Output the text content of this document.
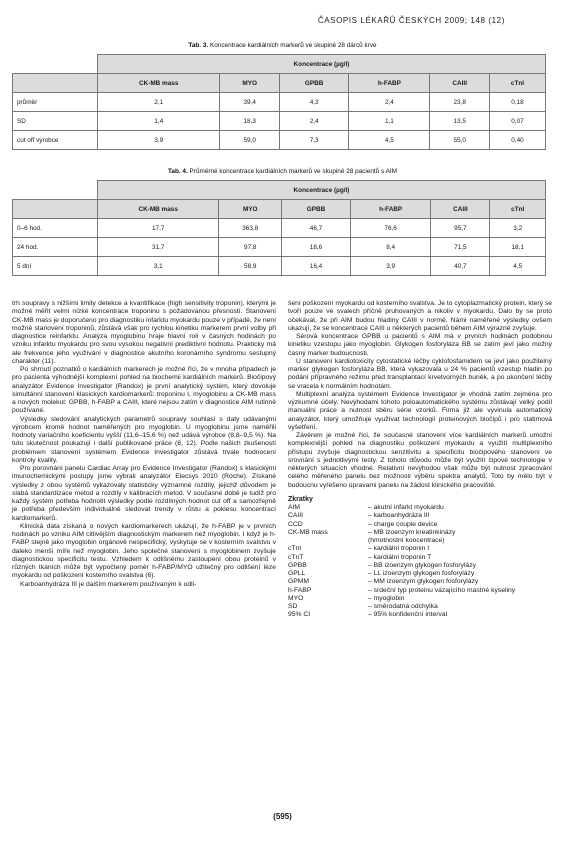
ČASOPIS LÉKAŘŮ ČESKÝCH 2009; 148 (12)
Tab. 3. Koncentrace kardiálních markerů ve skupině 28 dárců krve
	Koncentrace (µg/l)					
	CK-MB mass	MYO	GPBB	h-FABP	CAIII	cTnI
průměr	2,1	39,4	4,3	2,4	23,8	0,18
SD	1,4	18,3	2,4	1,1	13,5	0,07
cut off výrobce	3,9	59,0	7,3	4,5	55,0	0,40
Tab. 4. Průměrné koncentrace kardiálních markerů ve skupině 28 pacientů s AIM
	Koncentrace (µg/l)					
	CK-MB mass	MYO	GPBB	h-FABP	CAIII	cTnI
0–6 hod.	17,7	363,8	46,7	76,6	95,7	3,2
24 hod.	31,7	97,8	18,6	8,4	71,5	18,1
5 dní	3,1	58,9	16,4	3,9	40,7	4,5

trh soupravy s nižšími limity detekce a kvantifikace (high sensitivity troponin), kterými je možné měřit velmi nízké koncentrace troponinu s požadovanou přesností. Stanovení CK-MB mass je doporučeno pro diagnostiku infarktu myokardu pouze v případě, že není možné stanovení troponinů, zůstává však pro rychlou kinetiku markerem první volby při diagnostice reinfarktu. Analýza myoglobinu hraje hlavní roli v časných hodinách po vzniku infarktu myokardu pro svou vysokou negativní prediktivní hodnotu. Prakticky má ale frekvence jeho využívání v diagnostice akutního koronárního syndromu sestupný charakter (11).

Po shrnutí poznatků o kardiálních markerech je možné říci, že v mnoha případech je pro pacienta výhodnější komplexní pohled na biochemii kardiálních markerů. Biočipový analyzátor Evidence Investigator (Randox) je první analytický systém, který dovoluje simultánní stanovení klasických kardiomarkerů: troponinu I, myoglobinu a CK-MB mass a nových molekul: GPBB, h-FABP a CAIII, které nejsou zatím v diagnostice AIM rutinně používané.

Výsledky sledování analytických parametrů soupravy souhlasí s daty udávanými výrobcem kromě hodnot naměřených pro myoglobin. U myoglobinu jsme naměřili hodnoty variačního koeficientu vyšší (11,6–15,6 %) než udává výrobce (8,8–9,5 %). Na tuto skutečnost poukazují i další publikované práce (8, 12). Podle našich zkušeností problémem stanovení systémem Evidence Investigator zůstává trvale hodnocení kontroly kvality.

Pro porovnání panelu Cardiac Array pro Evidence Investigator (Randox) s klasickými imunochemickými postupy jsme vybrali analyzátor Elecsys 2010 (Roche). Získané výsledky z obou systémů vykazovaly statisticky významné rozdíly, jejichž důvodem je slabá standardizace metod a rozdíly v kalibracích metod. V současné době je tudíž pro každý systém potřeba hodnotit výsledky podle rozdílných hodnot cut off a samozřejmě je potřeba především individuálně sledovat trendy v růstu a poklesu koncentrací kardiomarkerů.

Klinická data získaná o nových kardiomarkerech ukázují, že h-FABP je v prvních hodinách po vzniku AIM citlivějším diagnostickým markerem než myoglobin. I když je h-FABP stejně jako myoglobin orgánově nespecifický, vyskytuje se v kosterním svalstvu v daleko menší míře než myoglobin. Jeho společné stanovení s myoglobinem zvyšuje diagnostickou specificitu testu. Vzhledem k odlišnému zastoupení obou proteinů v různých tkáních může být vypočtený poměr h-FABP/MYO užitečný pro odlišení léze myokardu od poškození kosterního svalstva (6).

Karboanhydráza III je dalším markerem používaným k odli-

šení poškození myokardu od kosterního svalstva. Je to cytoplazmatický protein, který se tvoří pouze ve svalech příčně pruhovaných a nikoliv v myokardu. Dalo by se proto očekávat, že při AIM budou hladiny CAIII v normě. Námi naměřené výsledky ovšem ukazují, že se koncentrace CAIII u některých pacientů během AIM výrazně zvyšuje.

Sérová koncentrace GPBB u pacientů s AIM má v prvních hodinách podobnou kinetiku vzestupu jako myoglobin. Glykogen fosforyláza BB se zatím jeví jako možný časný marker budoucnosti.

U stanovení kardiotoxicity cytostatické léčby cyklofosfamidem se jeví jako použitelný marker glykogen fosforyláza BB, která vykazovala u 24 % pacientů vzestup hladin po podání přípravného režimu před transplantací krvetvorných buněk, a po ukončení léčby se vracela k normálním hodnotám.

Multiplexní analýza systémem Evidence Investigator je vhodná zatím zejména pro výzkumné účely. Nevýhodami tohoto poloautomatického systému zůstávají velký podíl manuální práce a nutnost sběru série vzorků. Firma již ale vyvinula automatický analyzátor, který umožňuje využívat technologii proteinových biočipů i pro statimová vyšetření.

Závěrem je možné říci, že současné stanovení více kardiálních markerů umožní komplexnější pohled na diagnostiku poškození myokardu a využití multiplexního přístupu zvyšuje diagnostickou senzitivitu a specificitu biočipového stanovení ve srovnání s jednotlivými testy. Z tohoto důvodu může být využití čipové technologie v některých situacích vhodné. Relativní nevýhodou však může být nutnost zpracování celého měřeného panelu bez možnosti výběru spektra analytů. Toto by mělo být v budoucnu vyřešeno úpravami panelu na žádost klinického pracoviště.

Zkratky
AIM	– akutní infarkt myokardu
CAIII	– karboanhydráza III
CCD	– charge couple device
CK-MB mass	– MB izoenzym kreatinkinázy
(hmotnostní koncentrace)
cTnI	– kardiální troponin I
cTnT	– kardiální troponin T
GPBB	– BB izoenzym glykogen fosforylázy
GPLL	– LL izoenzym glykogen fosforylázy
GPMM	– MM izoenzym glykogen fosforylázy
h-FABP	– srdeční typ proteinu vázajícího mastné kyseliny
MYO	– myoglobin
SD	– směrodatná odchylka
95% CI	– 95% konfidenční interval
(595)
